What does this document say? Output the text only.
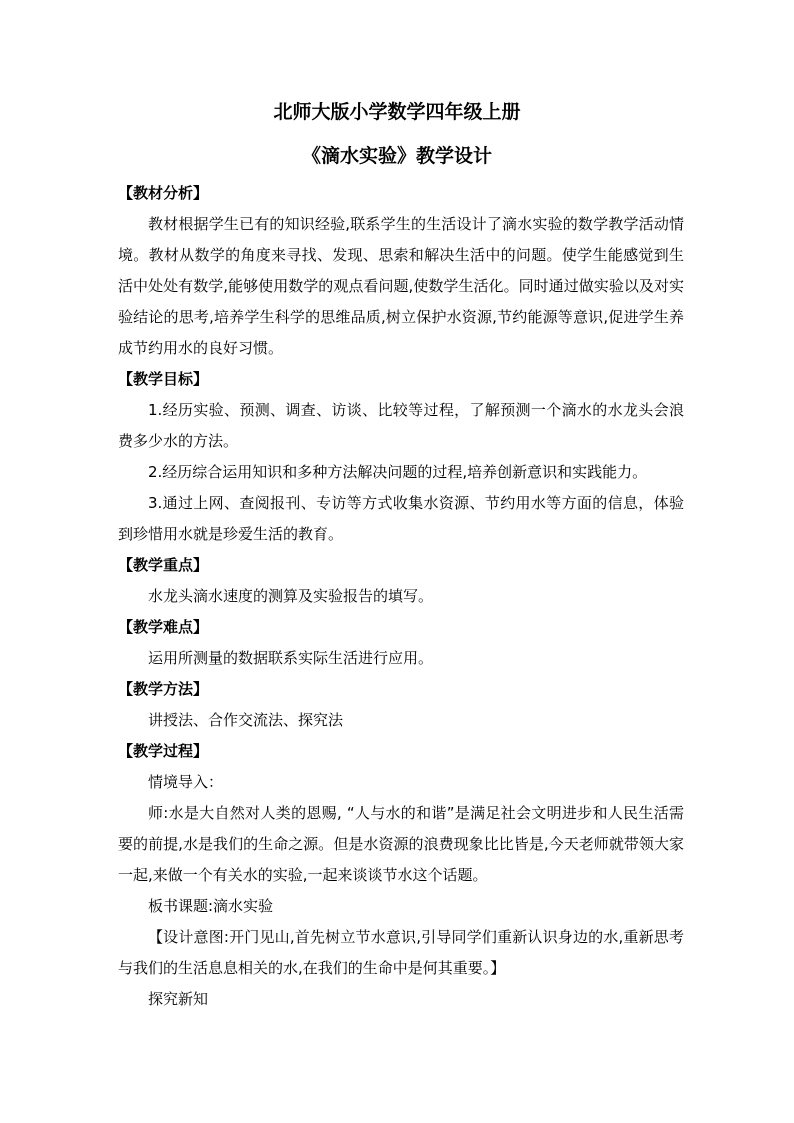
北师大版小学数学四年级上册
《滴水实验》教学设计
【教材分析】

教材根据学生已有的知识经验,联系学生的生活设计了滴水实验的数学教学活动情境。教材从数学的角度来寻找、发现、思索和解决生活中的问题。使学生能感觉到生活中处处有数学,能够使用数学的观点看问题,使数学生活化。同时通过做实验以及对实验结论的思考,培养学生科学的思维品质,树立保护水资源,节约能源等意识,促进学生养成节约用水的良好习惯。

【教学目标】

1.经历实验、预测、调查、访谈、比较等过程，了解预测一个滴水的水龙头会浪费多少水的方法。

2.经历综合运用知识和多种方法解决问题的过程,培养创新意识和实践能力。

3.通过上网、查阅报刊、专访等方式收集水资源、节约用水等方面的信息，体验到珍惜用水就是珍爱生活的教育。

【教学重点】

水龙头滴水速度的测算及实验报告的填写。

【教学难点】

运用所测量的数据联系实际生活进行应用。

【教学方法】

讲授法、合作交流法、探究法

【教学过程】

情境导入：

师:水是大自然对人类的恩赐, “人与水的和谐”是满足社会文明进步和人民生活需要的前提,水是我们的生命之源。但是水资源的浪费现象比比皆是,今天老师就带领大家一起,来做一个有关水的实验,一起来谈谈节水这个话题。

板书课题:滴水实验

【设计意图:开门见山,首先树立节水意识,引导同学们重新认识身边的水,重新思考与我们的生活息息相关的水,在我们的生命中是何其重要。】

探究新知
